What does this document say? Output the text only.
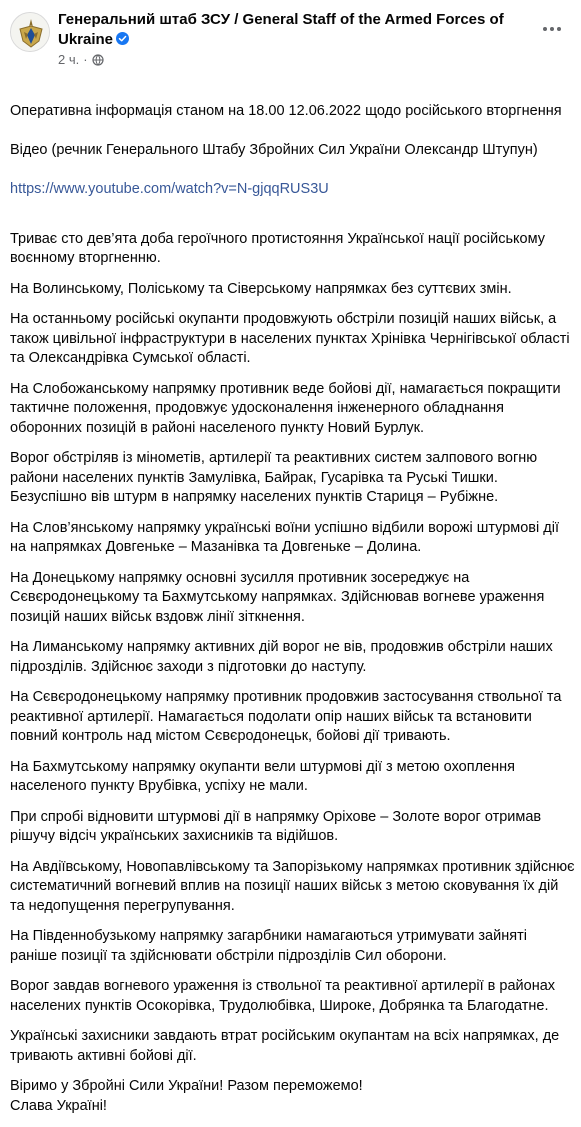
Генеральний штаб ЗСУ / General Staff of the Armed Forces of Ukraine
2 ч. ·

Оперативна інформація станом на 18.00 12.06.2022 щодо російського вторгнення

Відео (речник Генерального Штабу Збройних Сил України Олександр Штупун)

https://www.youtube.com/watch?v=N-gjqqRUS3U

Триває сто дев’ята доба героїчного протистояння Української нації російському воєнному вторгненню.

На Волинському, Поліському та Сіверському напрямках без суттєвих змін.

На останньому російські окупанти продовжують обстріли позицій наших військ, а також цивільної інфраструктури в населених пунктах Хрінівка Чернігівської області та Олександрівка Сумської області.

На Слобожанському напрямку противник веде бойові дії, намагається покращити тактичне положення, продовжує удосконалення інженерного обладнання оборонних позицій в районі населеного пункту Новий Бурлук.

Ворог обстріляв із мінометів, артилерії та реактивних систем залпового вогню райони населених пунктів Замулівка, Байрак, Гусарівка та Руські Тишки.
Безуспішно вів штурм в напрямку населених пунктів Стариця – Рубіжне.

На Слов’янському напрямку українські воїни успішно відбили ворожі штурмові дії на напрямках Довгеньке – Мазанівка та Довгеньке – Долина.

На Донецькому напрямку основні зусилля противник зосереджує на Сєвєродонецькому та Бахмутському напрямках. Здійснював вогневе ураження позицій наших військ вздовж лінії зіткнення.

На Лиманському напрямку активних дій ворог не вів, продовжив обстріли наших підрозділів. Здійснює заходи з підготовки до наступу.

На Сєвєродонецькому напрямку противник продовжив застосування ствольної та реактивної артилерії. Намагається подолати опір наших військ та встановити повний контроль над містом Сєвєродонецьк, бойові дії тривають.

На Бахмутському напрямку окупанти вели штурмові дії з метою охоплення населеного пункту Врубівка, успіху не мали.

При спробі відновити штурмові дії в напрямку Оріхове – Золоте ворог отримав рішучу відсіч українських захисників та відійшов.

На Авдіївському, Новопавлівському та Запорізькому напрямках противник здійснює систематичний вогневий вплив на позиції наших військ з метою сковування їх дій та недопущення перегрупування.

На Південнобузькому напрямку загарбники намагаються утримувати зайняті раніше позиції та здійснювати обстріли підрозділів Сил оборони.

Ворог завдав вогневого ураження із ствольної та реактивної артилерії в районах населених пунктів Осокорівка, Трудолюбівка, Широке, Добрянка та Благодатне.

Українські захисники завдають втрат російським окупантам на всіх напрямках, де тривають активні бойові дії.

Віримо у Збройні Сили України! Разом переможемо!
Слава Україні!
